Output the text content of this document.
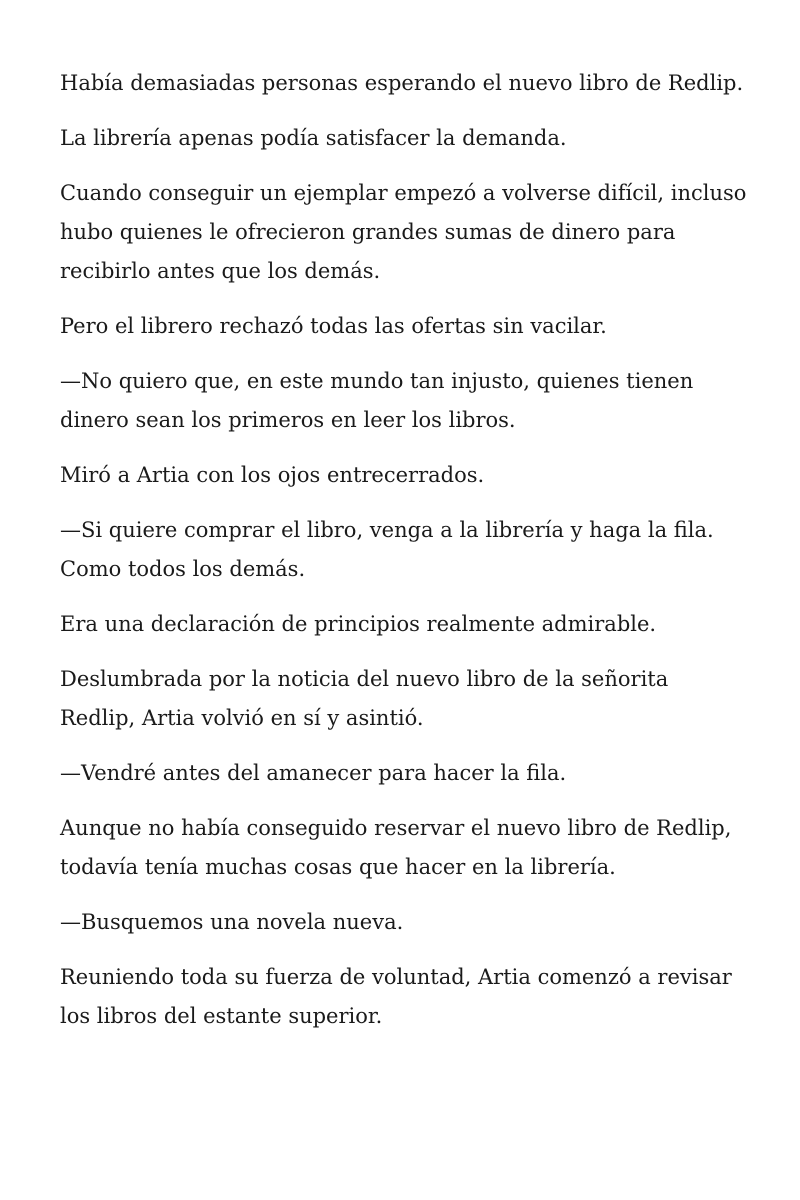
Había demasiadas personas esperando el nuevo libro de Redlip.

La librería apenas podía satisfacer la demanda.

Cuando conseguir un ejemplar empezó a volverse difícil, incluso hubo quienes le ofrecieron grandes sumas de dinero para recibirlo antes que los demás.

Pero el librero rechazó todas las ofertas sin vacilar.

—No quiero que, en este mundo tan injusto, quienes tienen dinero sean los primeros en leer los libros.

Miró a Artia con los ojos entrecerrados.

—Si quiere comprar el libro, venga a la librería y haga la fila. Como todos los demás.

Era una declaración de principios realmente admirable.

Deslumbrada por la noticia del nuevo libro de la señorita Redlip, Artia volvió en sí y asintió.

—Vendré antes del amanecer para hacer la fila.

Aunque no había conseguido reservar el nuevo libro de Redlip, todavía tenía muchas cosas que hacer en la librería.

—Busquemos una novela nueva.

Reuniendo toda su fuerza de voluntad, Artia comenzó a revisar los libros del estante superior.
